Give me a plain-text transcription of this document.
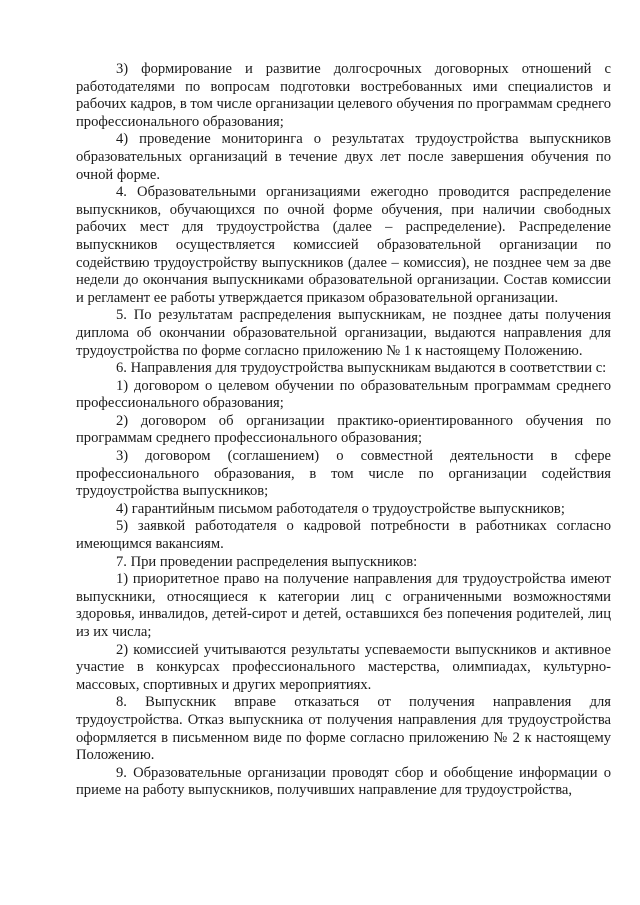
3) формирование и развитие долгосрочных договорных отношений с работодателями по вопросам подготовки востребованных ими специалистов и рабочих кадров, в том числе организации целевого обучения по программам среднего профессионального образования;

4) проведение мониторинга о результатах трудоустройства выпускников образовательных организаций в течение двух лет после завершения обучения по очной форме.

4. Образовательными организациями ежегодно проводится распределение выпускников, обучающихся по очной форме обучения, при наличии свободных рабочих мест для трудоустройства (далее – распределение). Распределение выпускников осуществляется комиссией образовательной организации по содействию трудоустройству выпускников (далее – комиссия), не позднее чем за две недели до окончания выпускниками образовательной организации. Состав комиссии и регламент ее работы утверждается приказом образовательной организации.

5. По результатам распределения выпускникам, не позднее даты получения диплома об окончании образовательной организации, выдаются направления для трудоустройства по форме согласно приложению № 1 к настоящему Положению.

6. Направления для трудоустройства выпускникам выдаются в соответствии с:

1) договором о целевом обучении по образовательным программам среднего профессионального образования;

2) договором об организации практико-ориентированного обучения по программам среднего профессионального образования;

3) договором (соглашением) о совместной деятельности в сфере профессионального образования, в том числе по организации содействия трудоустройства выпускников;

4) гарантийным письмом работодателя о трудоустройстве выпускников;

5) заявкой работодателя о кадровой потребности в работниках согласно имеющимся вакансиям.

7. При проведении распределения выпускников:

1) приоритетное право на получение направления для трудоустройства имеют выпускники, относящиеся к категории лиц с ограниченными возможностями здоровья, инвалидов, детей-сирот и детей, оставшихся без попечения родителей, лиц из их числа;

2) комиссией учитываются результаты успеваемости выпускников и активное участие в конкурсах профессионального мастерства, олимпиадах, культурно-массовых, спортивных и других мероприятиях.

8. Выпускник вправе отказаться от получения направления для трудоустройства. Отказ выпускника от получения направления для трудоустройства оформляется в письменном виде по форме согласно приложению № 2 к настоящему Положению.

9. Образовательные организации проводят сбор и обобщение информации о приеме на работу выпускников, получивших направление для трудоустройства,
